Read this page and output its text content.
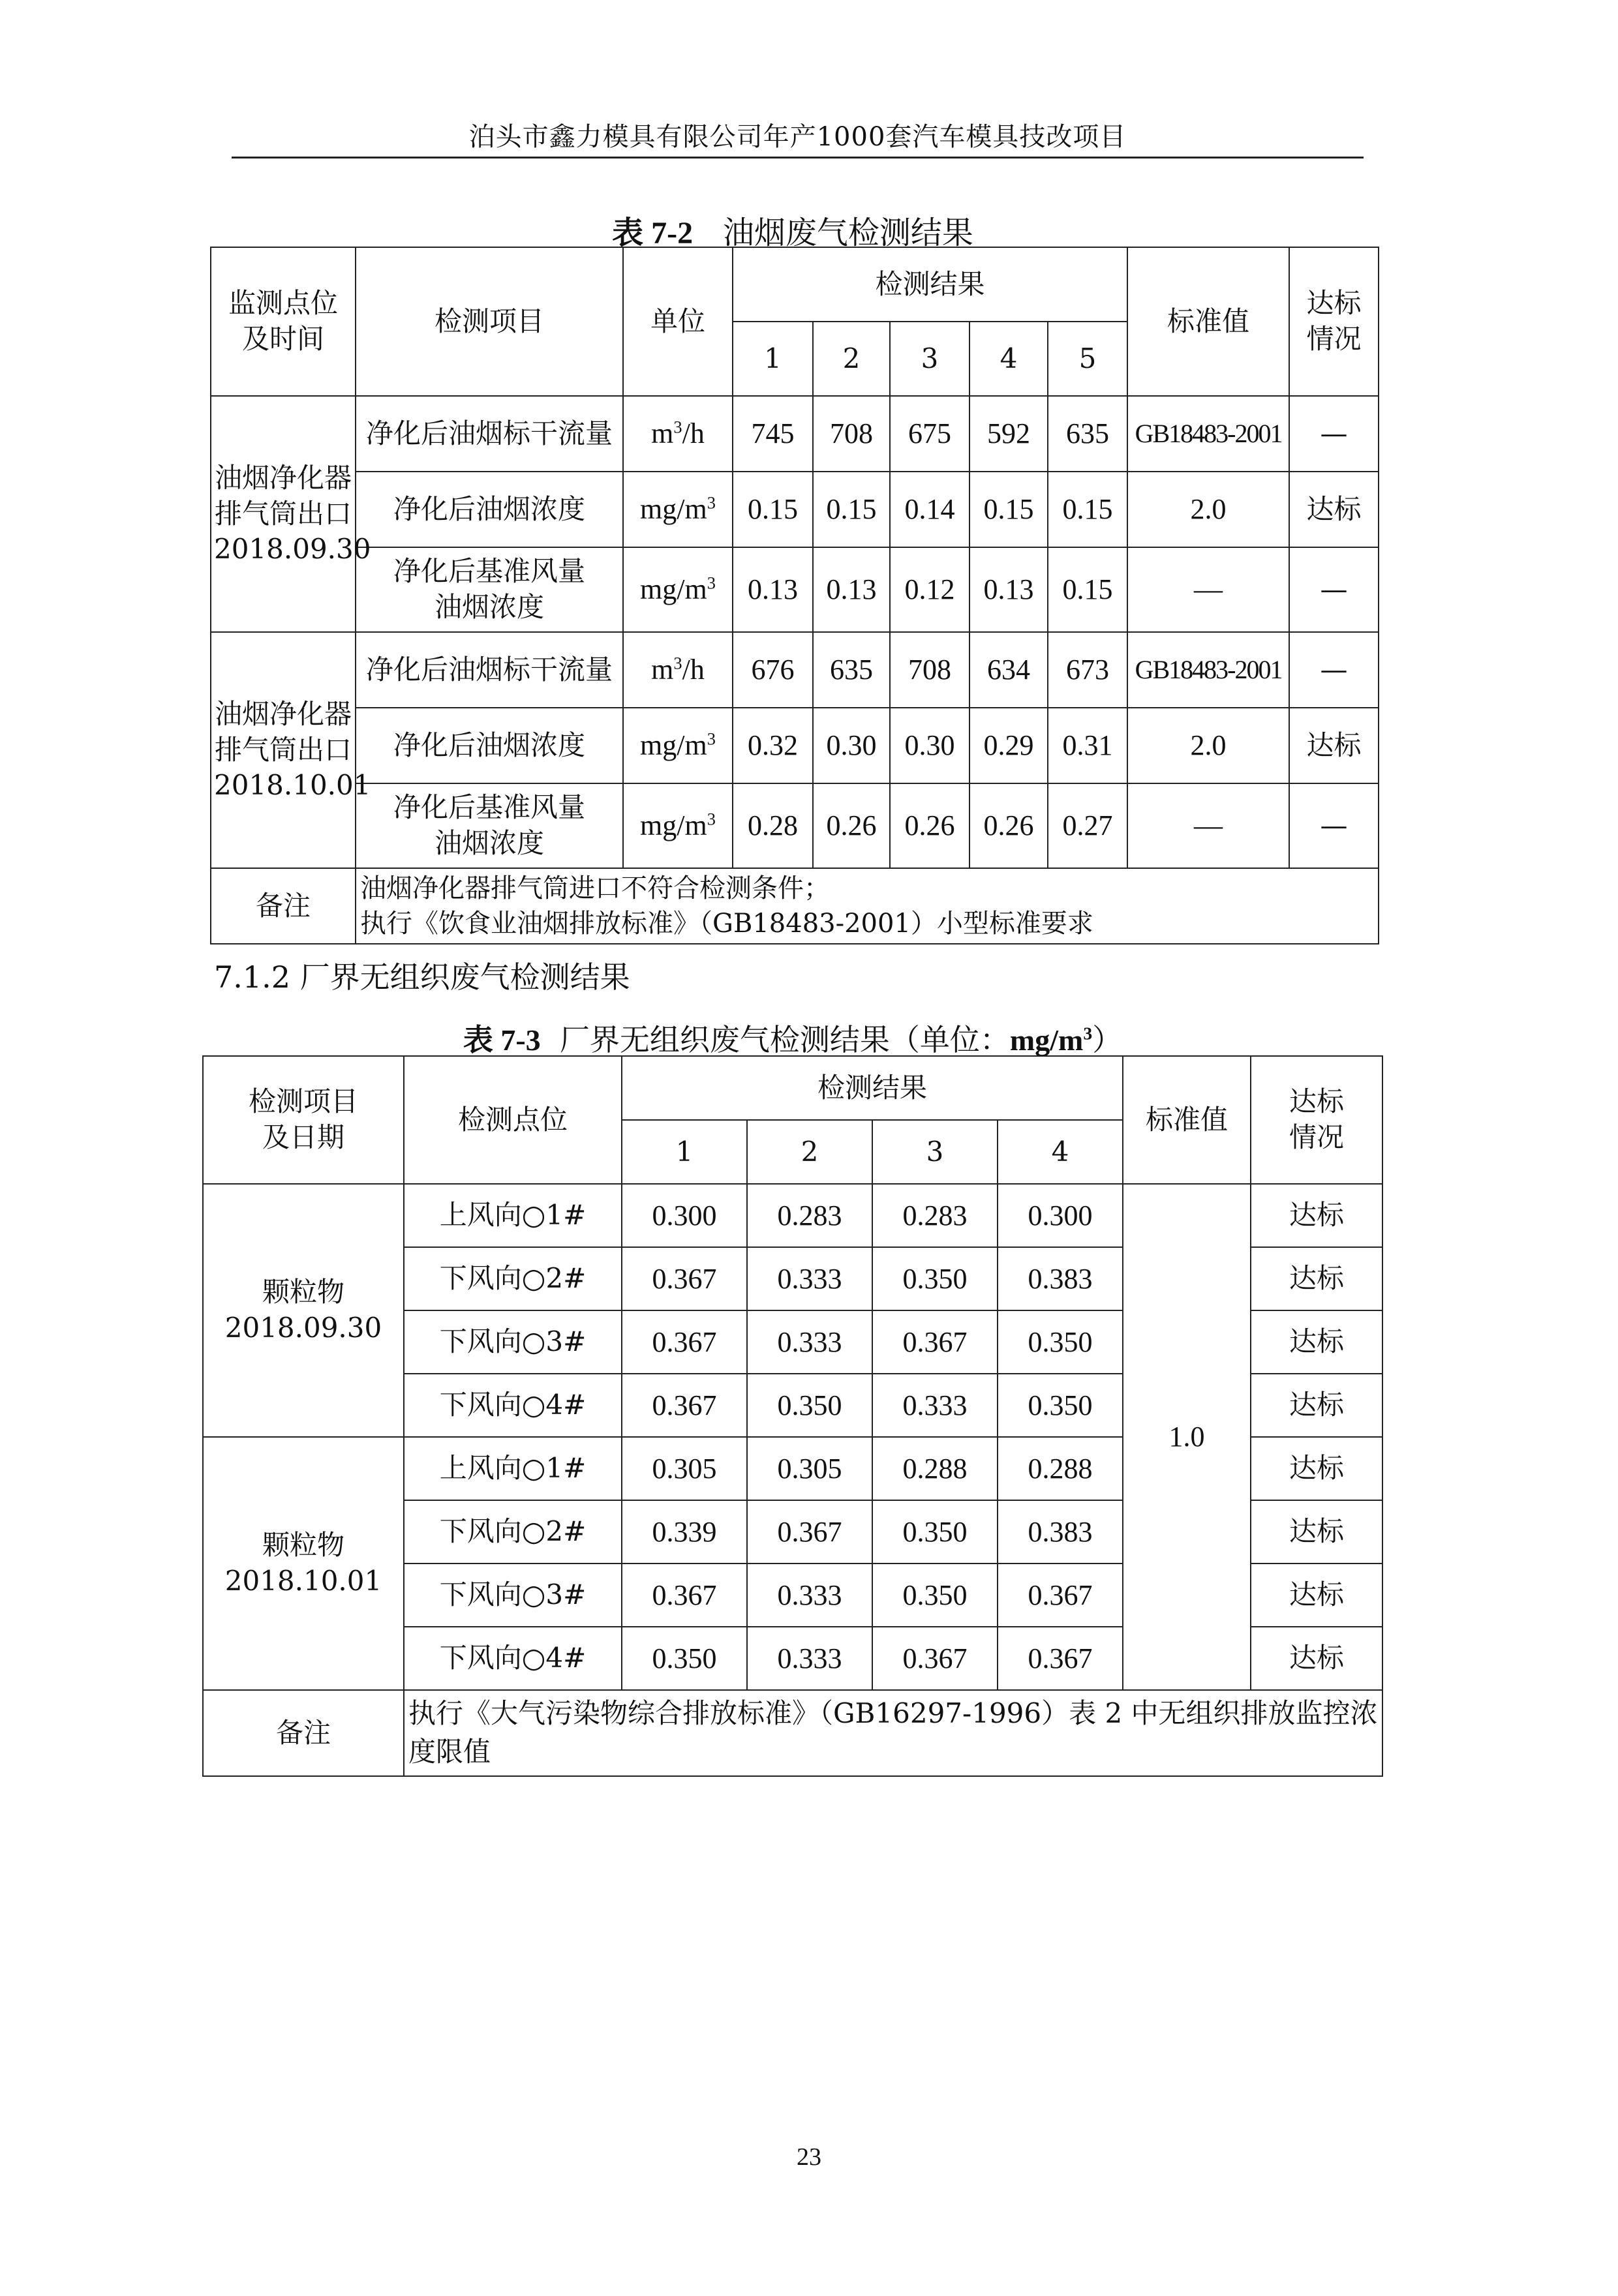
泊头市鑫力模具有限公司年产1000套汽车模具技改项目
表 7-2 油烟废气检测结果
监测点位
及时间	检测项目	单位	检测结果					标准值	达标
情况
			1	2	3	4	5		
油烟净化器
排气筒出口
2018.09.30	净化后油烟标干流量	$m^3/h$	745	708	675	592	635	GB18483-2001	—
	净化后油烟浓度	$mg/m^3$	0.15	0.15	0.14	0.15	0.15	2.0	达标
	净化后基准风量
油烟浓度	$mg/m^3$	0.13	0.13	0.12	0.13	0.15	—	—
油烟净化器
排气筒出口
2018.10.01	净化后油烟标干流量	$m^3/h$	676	635	708	634	673	GB18483-2001	—
	净化后油烟浓度	$mg/m^3$	0.32	0.30	0.30	0.29	0.31	2.0	达标
	净化后基准风量
油烟浓度	$mg/m^3$	0.28	0.26	0.26	0.26	0.27	—	—
备注	油烟净化器排气筒进口不符合检测条件；
执行《饮食业油烟排放标准》（GB18483-2001）小型标准要求								
7.1.2 厂界无组织废气检测结果
表 7-3 厂界无组织废气检测结果（单位：$mg/m^3$）
检测项目
及日期	检测点位	检测结果				标准值	达标
情况
		1	2	3	4		
颗粒物
2018.09.30	上风向○1#	0.300	0.283	0.283	0.300	1.0	达标
	下风向○2#	0.367	0.333	0.350	0.383		达标
	下风向○3#	0.367	0.333	0.367	0.350		达标
	下风向○4#	0.367	0.350	0.333	0.350		达标
颗粒物
2018.10.01	上风向○1#	0.305	0.305	0.288	0.288		达标
	下风向○2#	0.339	0.367	0.350	0.383		达标
	下风向○3#	0.367	0.333	0.350	0.367		达标
	下风向○4#	0.350	0.333	0.367	0.367		达标
备注	执行《大气污染物综合排放标准》（GB16297-1996）表 2 中无组织排放监控浓度限值						
23
